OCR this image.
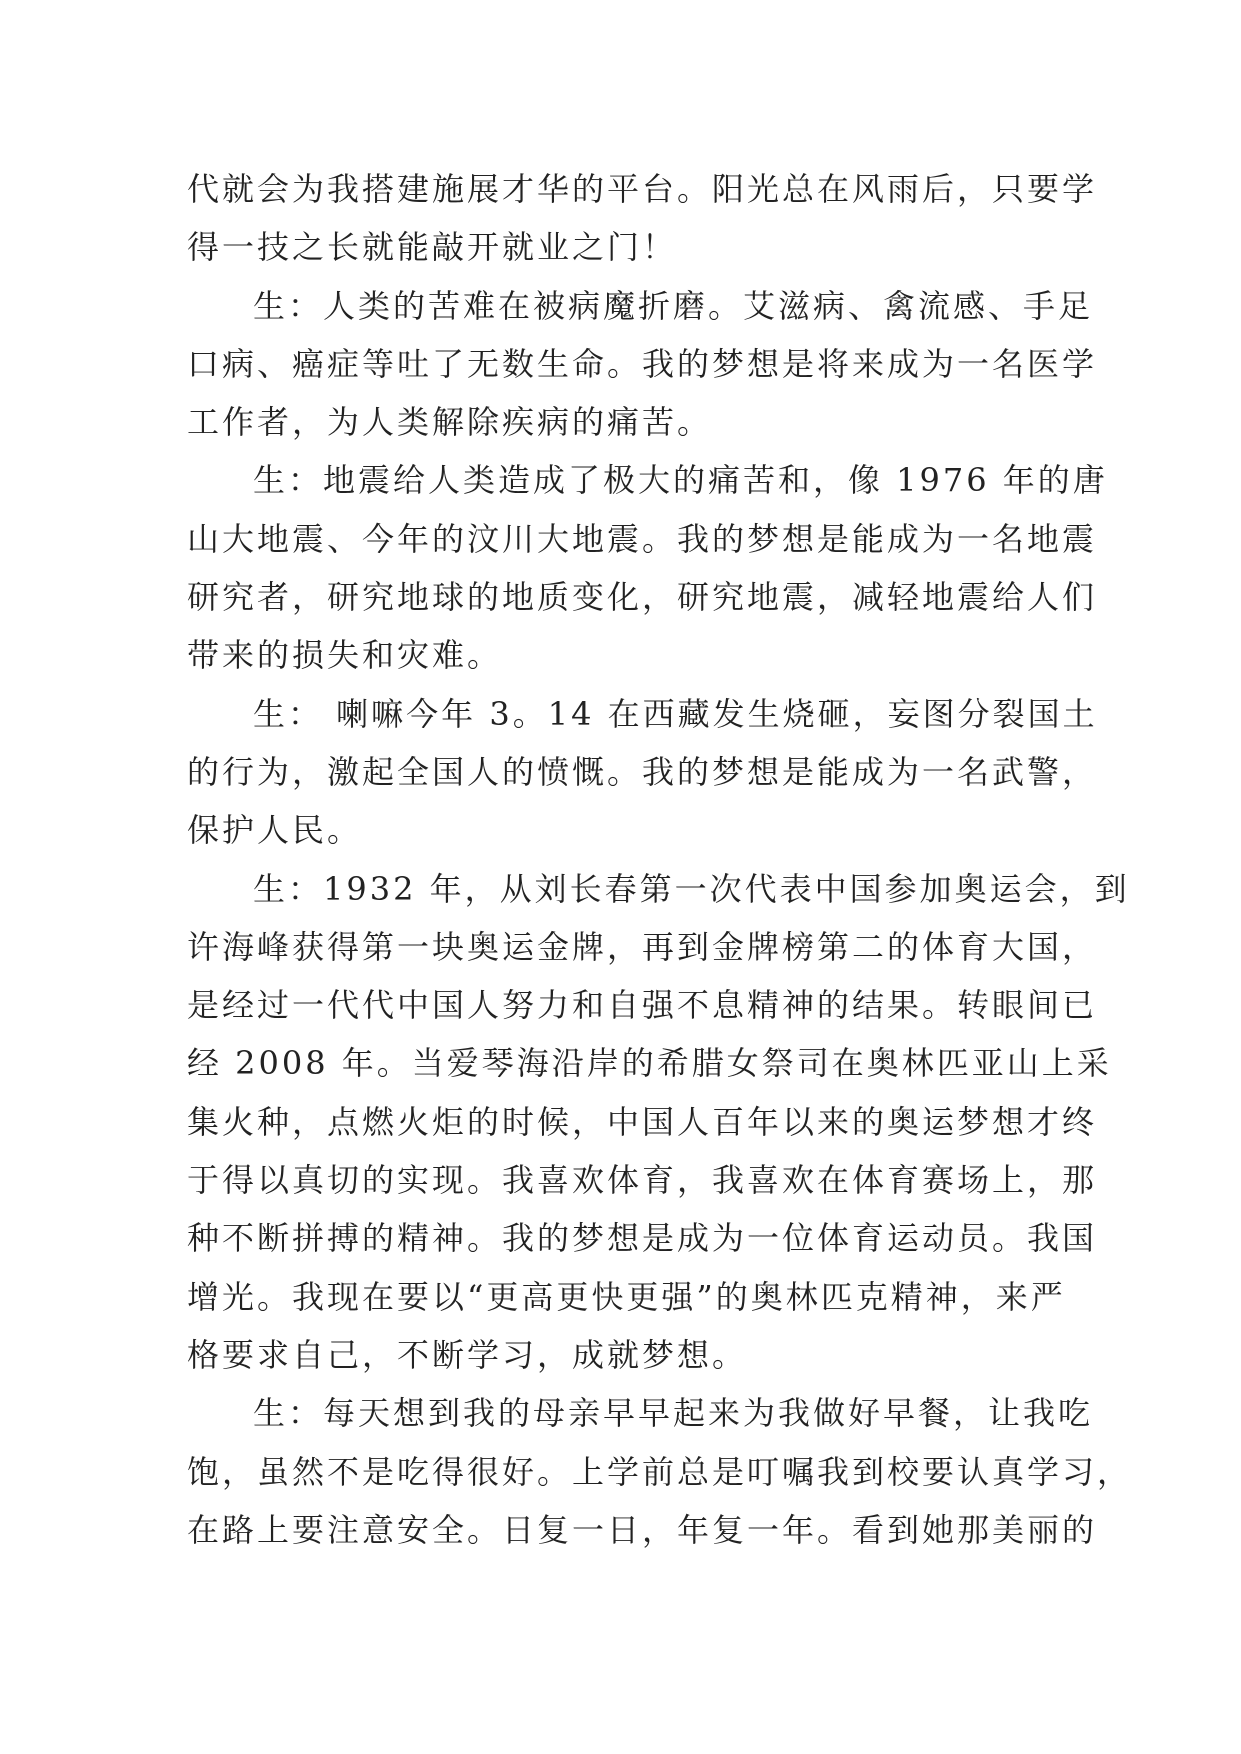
代就会为我搭建施展才华的平台。阳光总在风雨后，只要学
得一技之长就能敲开就业之门！
生：人类的苦难在被病魔折磨。艾滋病、禽流感、手足
口病、癌症等吐了无数生命。我的梦想是将来成为一名医学
工作者，为人类解除疾病的痛苦。
生：地震给人类造成了极大的痛苦和，像 1976 年的唐
山大地震、今年的汶川大地震。我的梦想是能成为一名地震
研究者，研究地球的地质变化，研究地震，减轻地震给人们
带来的损失和灾难。
生： 喇嘛今年 3。14 在西藏发生烧砸，妄图分裂国土
的行为，激起全国人的愤慨。我的梦想是能成为一名武警，
保护人民。
生：1932 年，从刘长春第一次代表中国参加奥运会，到
许海峰获得第一块奥运金牌，再到金牌榜第二的体育大国，
是经过一代代中国人努力和自强不息精神的结果。转眼间已
经 2008 年。当爱琴海沿岸的希腊女祭司在奥林匹亚山上采
集火种，点燃火炬的时候，中国人百年以来的奥运梦想才终
于得以真切的实现。我喜欢体育，我喜欢在体育赛场上，那
种不断拼搏的精神。我的梦想是成为一位体育运动员。我国
增光。我现在要以“更高更快更强”的奥林匹克精神，来严
格要求自己，不断学习，成就梦想。
生：每天想到我的母亲早早起来为我做好早餐，让我吃
饱，虽然不是吃得很好。上学前总是叮嘱我到校要认真学习，
在路上要注意安全。日复一日，年复一年。看到她那美丽的
